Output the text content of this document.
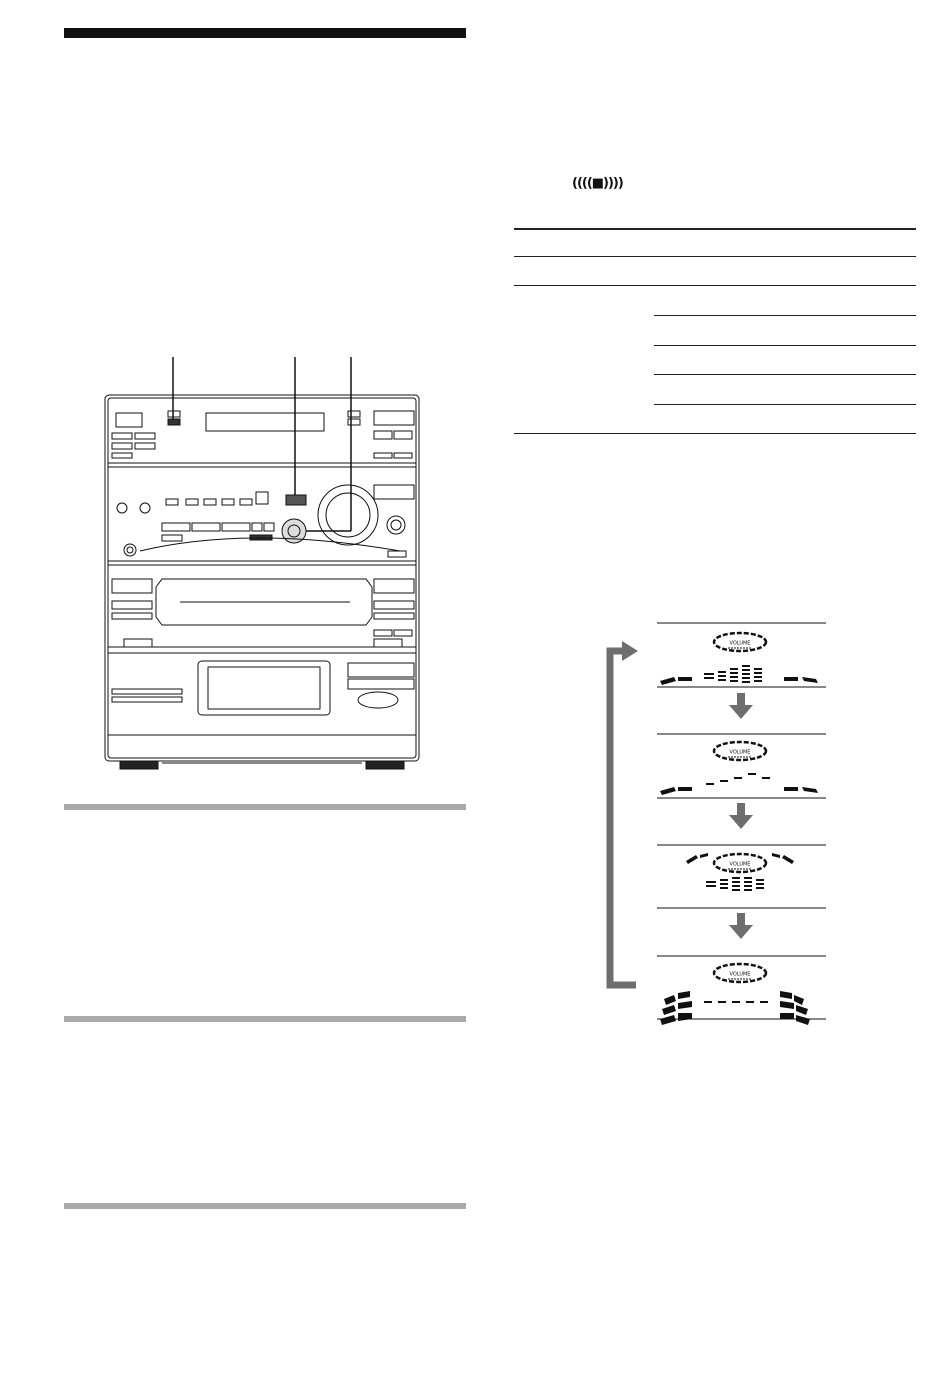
((((■))))
VOLUME
